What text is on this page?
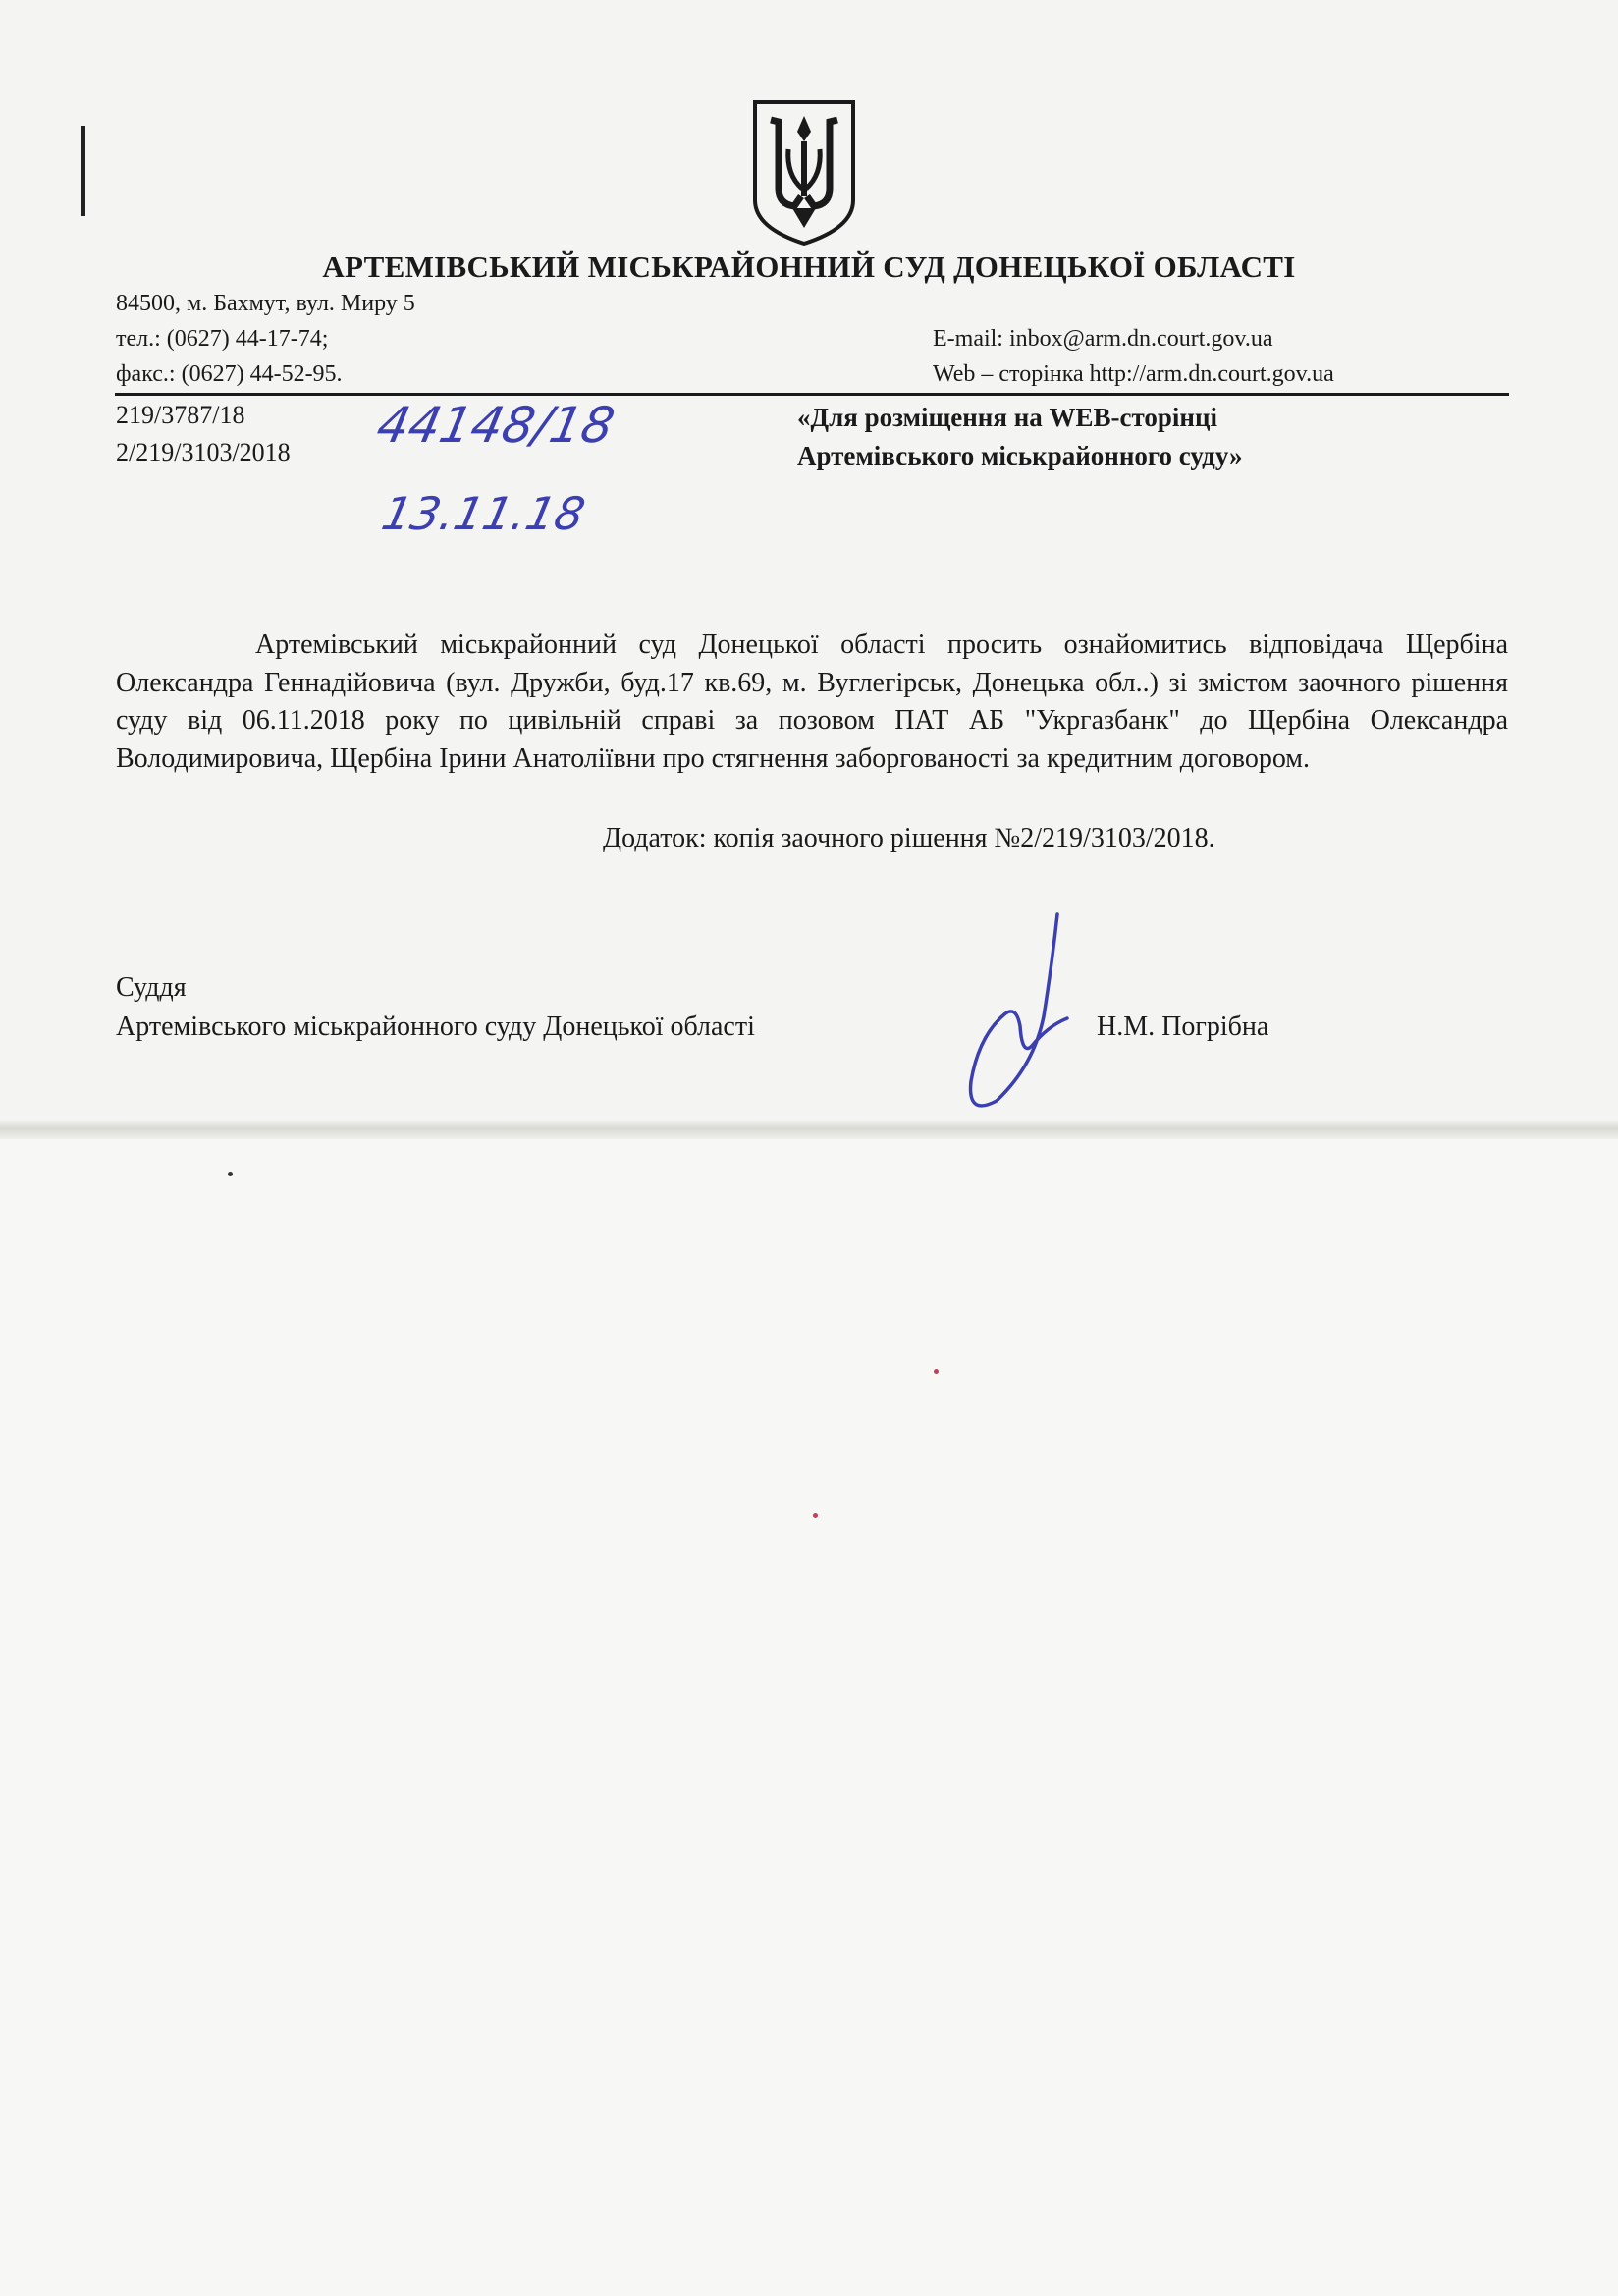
АРТЕМІВСЬКИЙ МІСЬКРАЙОННИЙ СУД ДОНЕЦЬКОЇ ОБЛАСТІ
84500, м. Бахмут, вул. Миру 5
тел.: (0627) 44-17-74;
факс.: (0627) 44-52-95.
E-mail: inbox@arm.dn.court.gov.ua
Web – сторінка http://arm.dn.court.gov.ua
219/3787/18
2/219/3103/2018 44148/18
13.11.18
«Для розміщення на WEB-сторінці
Артемівського міськрайонного суду»

Артемівський міськрайонний суд Донецької області просить ознайомитись відповідача Щербіна Олександра Геннадійовича (вул. Дружби, буд.17 кв.69, м. Вуглегірськ, Донецька обл..) зі змістом заочного рішення суду від 06.11.2018 року по цивільній справі за позовом ПАТ АБ "Укргазбанк" до Щербіна Олександра Володимировича, Щербіна Ірини Анатоліївни про стягнення заборгованості за кредитним договором.

Додаток: копія заочного рішення №2/219/3103/2018.
Суддя
Артемівського міськрайонного суду Донецької області	Н.М. Погрібна
